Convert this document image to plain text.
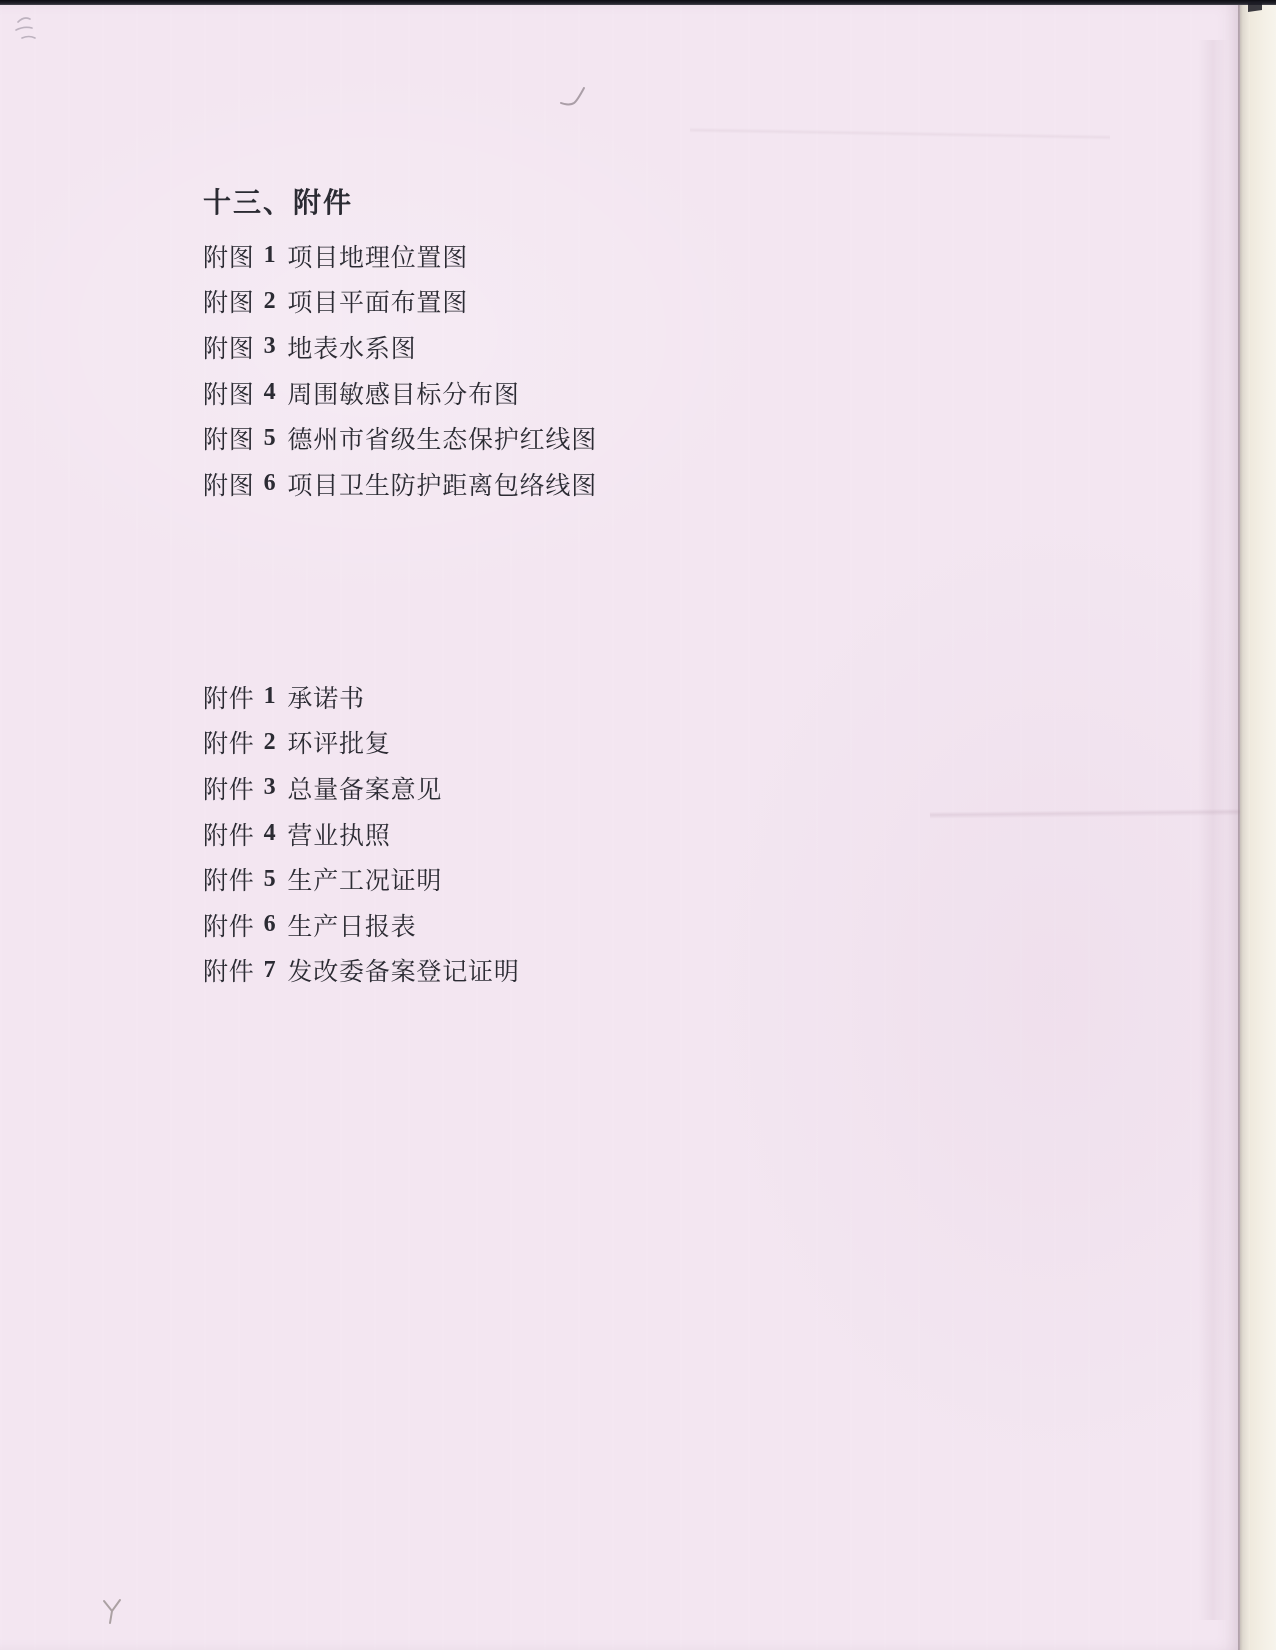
十三、附件
附图 1 项目地理位置图
附图 2 项目平面布置图
附图 3 地表水系图
附图 4 周围敏感目标分布图
附图 5 德州市省级生态保护红线图
附图 6 项目卫生防护距离包络线图
附件 1 承诺书
附件 2 环评批复
附件 3 总量备案意见
附件 4 营业执照
附件 5 生产工况证明
附件 6 生产日报表
附件 7 发改委备案登记证明
